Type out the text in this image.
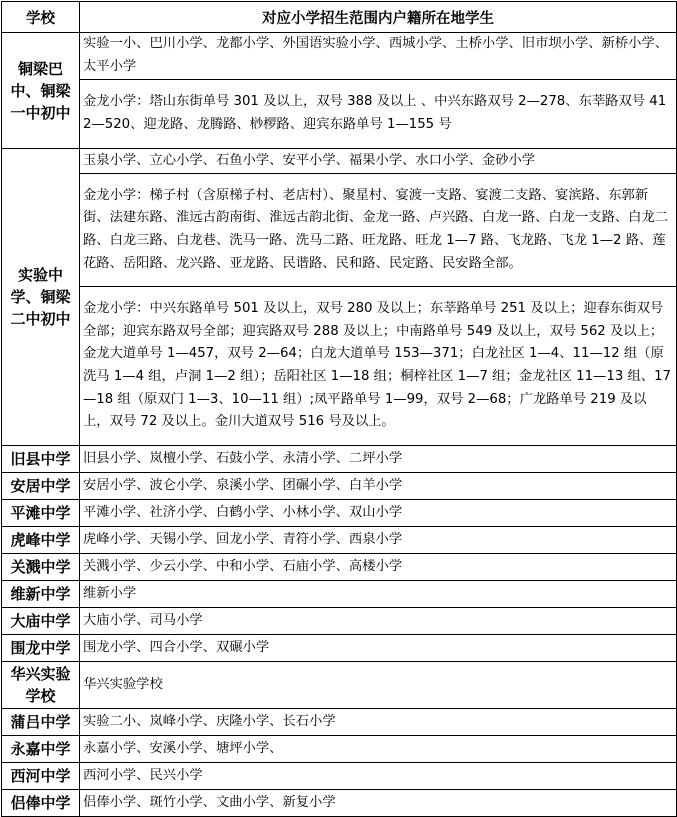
学校	对应小学招生范围内户籍所在地学生
铜梁巴中、铜梁一中初中	实验一小、巴川小学、龙都小学、外国语实验小学、西城小学、土桥小学、旧市坝小学、新桥小学、太平小学
	金龙小学：塔山东街单号 301 及以上，双号 388 及以上 、中兴东路双号 2—278、东莘路双号 412—520、迎龙路、龙腾路、桫椤路、迎宾东路单号 1—155 号
实验中学、铜梁二中初中	玉泉小学、立心小学、石鱼小学、安平小学、福果小学、水口小学、金砂小学
	金龙小学：梯子村（含原梯子村、老店村）、聚星村、宴渡一支路、宴渡二支路、宴滨路、东郭新街、法建东路、淮远古韵南街、淮远古韵北街、金龙一路、卢兴路、白龙一路、白龙一支路、白龙二路、白龙三路、白龙巷、洗马一路、洗马二路、旺龙路、旺龙 1—7 路、飞龙路、飞龙 1—2 路、莲花路、岳阳路、龙兴路、亚龙路、民谐路、民和路、民定路、民安路全部。
	金龙小学：中兴东路单号 501 及以上，双号 280 及以上；东莘路单号 251 及以上；迎春东街双号全部；迎宾东路双号全部；迎宾路双号 288 及以上；中南路单号 549 及以上，双号 562 及以上；金龙大道单号 1—457，双号 2—64；白龙大道单号 153—371；白龙社区 1—4、11—12 组（原洗马 1—4 组，卢洞 1—2 组）；岳阳社区 1—18 组；桐梓社区 1—7 组；金龙社区 11—13 组、17—18 组（原双门 1—3、10—11 组）;凤平路单号 1—99，双号 2—68；广龙路单号 219 及以上，双号 72 及以上。金川大道双号 516 号及以上。
旧县中学	旧县小学、岚檀小学、石鼓小学、永清小学、二坪小学
安居中学	安居小学、波仑小学、泉溪小学、团碾小学、白羊小学
平滩中学	平滩小学、社济小学、白鹤小学、小林小学、双山小学
虎峰中学	虎峰小学、天锡小学、回龙小学、青符小学、西泉小学
关溅中学	关溅小学、少云小学、中和小学、石庙小学、高楼小学
维新中学	维新小学
大庙中学	大庙小学、司马小学
围龙中学	围龙小学、四合小学、双碾小学
华兴实验学校	华兴实验学校
蒲吕中学	实验二小、岚峰小学、庆隆小学、长石小学
永嘉中学	永嘉小学、安溪小学、塘坪小学、
西河中学	西河小学、民兴小学
侣俸中学	侣俸小学、斑竹小学、文曲小学、新复小学
